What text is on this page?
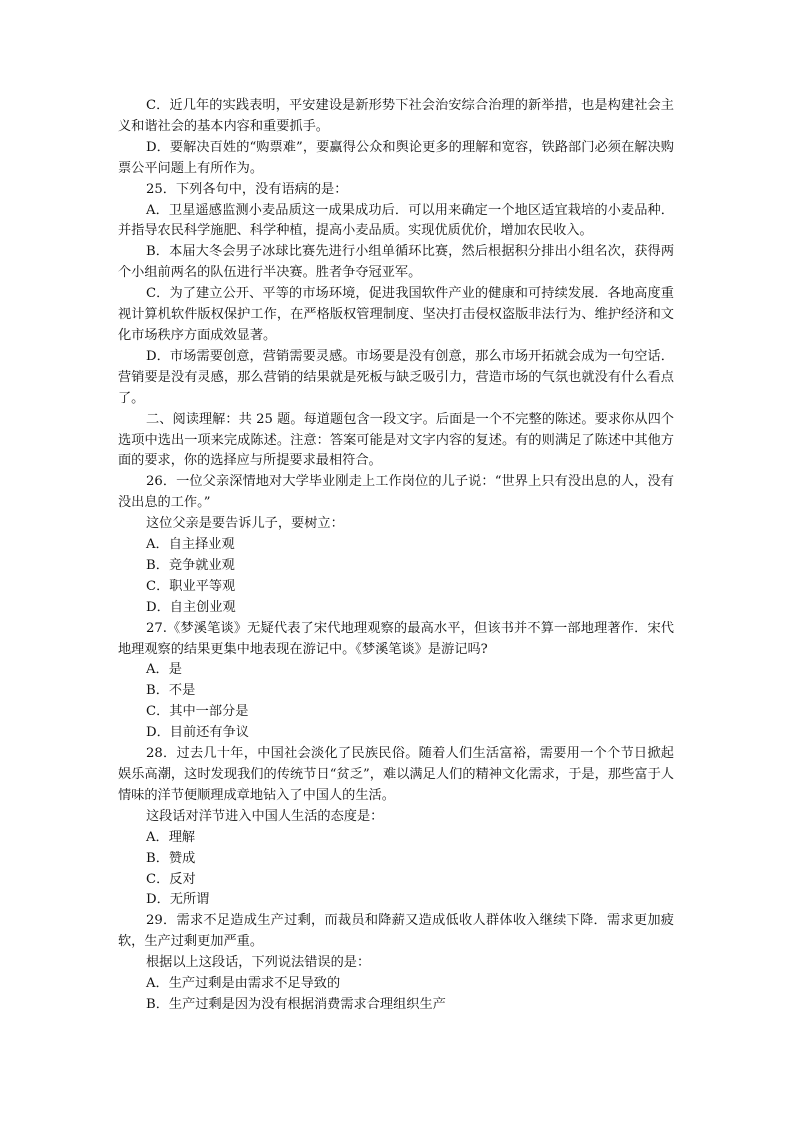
C．近几年的实践表明，平安建设是新形势下社会治安综合治理的新举措，也是构建社会主义和谐社会的基本内容和重要抓手。

D．要解决百姓的“购票难”，要赢得公众和舆论更多的理解和宽容，铁路部门必须在解决购票公平问题上有所作为。

25．下列各句中，没有语病的是：

A．卫星遥感监测小麦品质这一成果成功后．可以用来确定一个地区适宜栽培的小麦品种．并指导农民科学施肥、科学种植，提高小麦品质。实现优质优价，增加农民收入。

B．本届大冬会男子冰球比赛先进行小组单循环比赛，然后根据积分排出小组名次，获得两个小组前两名的队伍进行半决赛。胜者争夺冠亚军。

C．为了建立公开、平等的市场环境，促进我国软件产业的健康和可持续发展．各地高度重视计算机软件版权保护工作，在严格版权管理制度、坚决打击侵权盗版非法行为、维护经济和文化市场秩序方面成效显著。

D．市场需要创意，营销需要灵感。市场要是没有创意，那么市场开拓就会成为一句空话．营销要是没有灵感，那么营销的结果就是死板与缺乏吸引力，营造市场的气氛也就没有什么看点了。

二、阅读理解：共 25 题。每道题包含一段文字。后面是一个不完整的陈述。要求你从四个选项中选出一项来完成陈述。注意：答案可能是对文字内容的复述。有的则满足了陈述中其他方面的要求，你的选择应与所提要求最相符合。

26．一位父亲深情地对大学毕业刚走上工作岗位的儿子说：“世界上只有没出息的人，没有没出息的工作。”

这位父亲是要告诉儿子，要树立：

A．自主择业观

B．竞争就业观

C．职业平等观

D．自主创业观

27.《梦溪笔谈》无疑代表了宋代地理观察的最高水平，但该书并不算一部地理著作．宋代地理观察的结果更集中地表现在游记中。《梦溪笔谈》是游记吗?

A．是

B．不是

C．其中一部分是

D．目前还有争议

28．过去几十年，中国社会淡化了民族民俗。随着人们生活富裕，需要用一个个节日掀起娱乐高潮，这时发现我们的传统节日“贫乏”，难以满足人们的精神文化需求，于是，那些富于人情味的洋节便顺理成章地钻入了中国人的生活。

这段话对洋节进入中国人生活的态度是：

A．理解

B．赞成

C．反对

D．无所谓

29．需求不足造成生产过剩，而裁员和降薪又造成低收人群体收入继续下降．需求更加疲软，生产过剩更加严重。

根据以上这段话，下列说法错误的是：

A．生产过剩是由需求不足导致的

B．生产过剩是因为没有根据消费需求合理组织生产
